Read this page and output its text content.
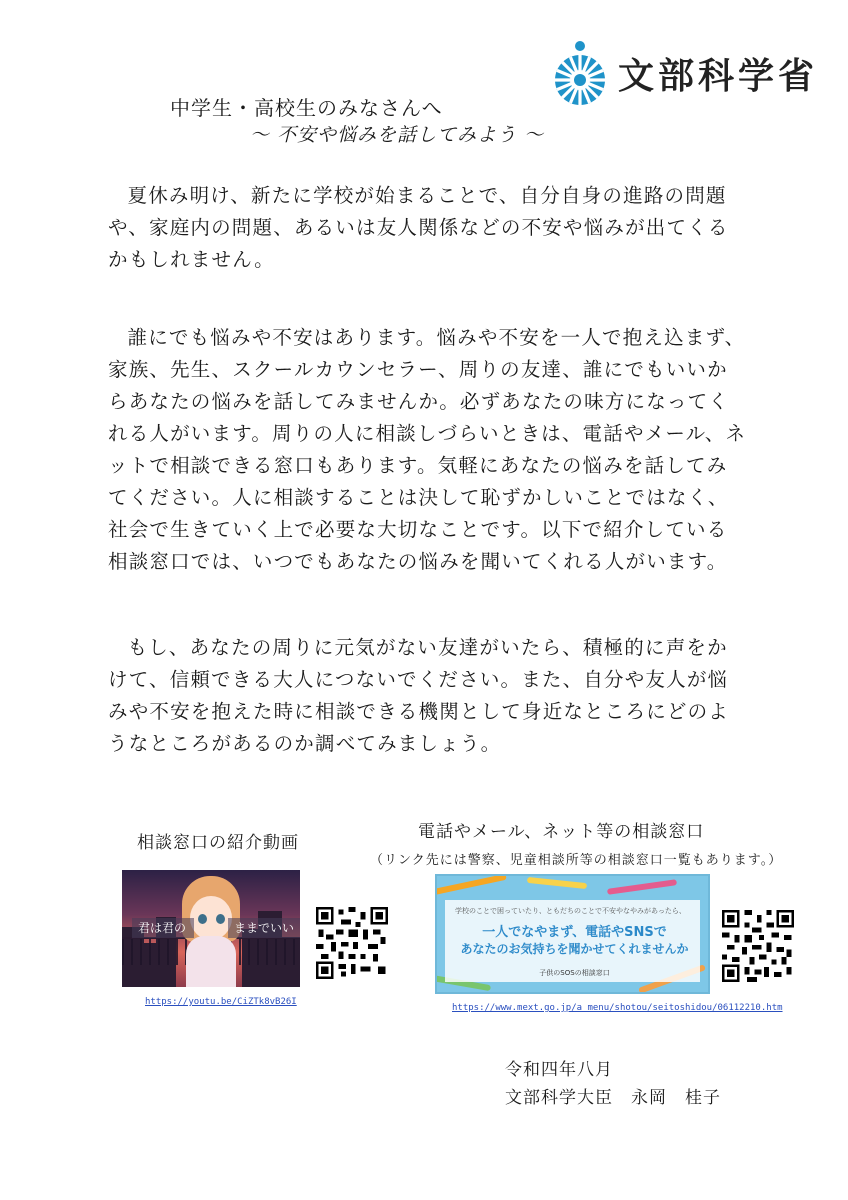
文部科学省
中学生・高校生のみなさんへ
〜 不安や悩みを話してみよう 〜
夏休み明け、新たに学校が始まることで、自分自身の進路の問題や、家庭内の問題、あるいは友人関係などの不安や悩みが出てくるかもしれません。
誰にでも悩みや不安はあります。悩みや不安を一人で抱え込まず、家族、先生、スクールカウンセラー、周りの友達、誰にでもいいからあなたの悩みを話してみませんか。必ずあなたの味方になってくれる人がいます。周りの人に相談しづらいときは、電話やメール、ネットで相談できる窓口もあります。気軽にあなたの悩みを話してみてください。人に相談することは決して恥ずかしいことではなく、社会で生きていく上で必要な大切なことです。以下で紹介している相談窓口では、いつでもあなたの悩みを聞いてくれる人がいます。
もし、あなたの周りに元気がない友達がいたら、積極的に声をかけて、信頼できる大人につないでください。また、自分や友人が悩みや不安を抱えた時に相談できる機関として身近なところにどのようなところがあるのか調べてみましょう。
相談窓口の紹介動画
電話やメール、ネット等の相談窓口
（リンク先には警察、児童相談所等の相談窓口一覧もあります。）
君は君の	ままでいい
学校のことで困っていたり、ともだちのことで不安やなやみがあったら、
一人でなやまず、電話やSNSで
あなたのお気持ちを聞かせてくれませんか
子供のSOSの相談窓口
https://youtu.be/CiZTk8vB26I
https://www.mext.go.jp/a_menu/shotou/seitoshidou/06112210.htm
令和四年八月
文部科学大臣　永岡　桂子
